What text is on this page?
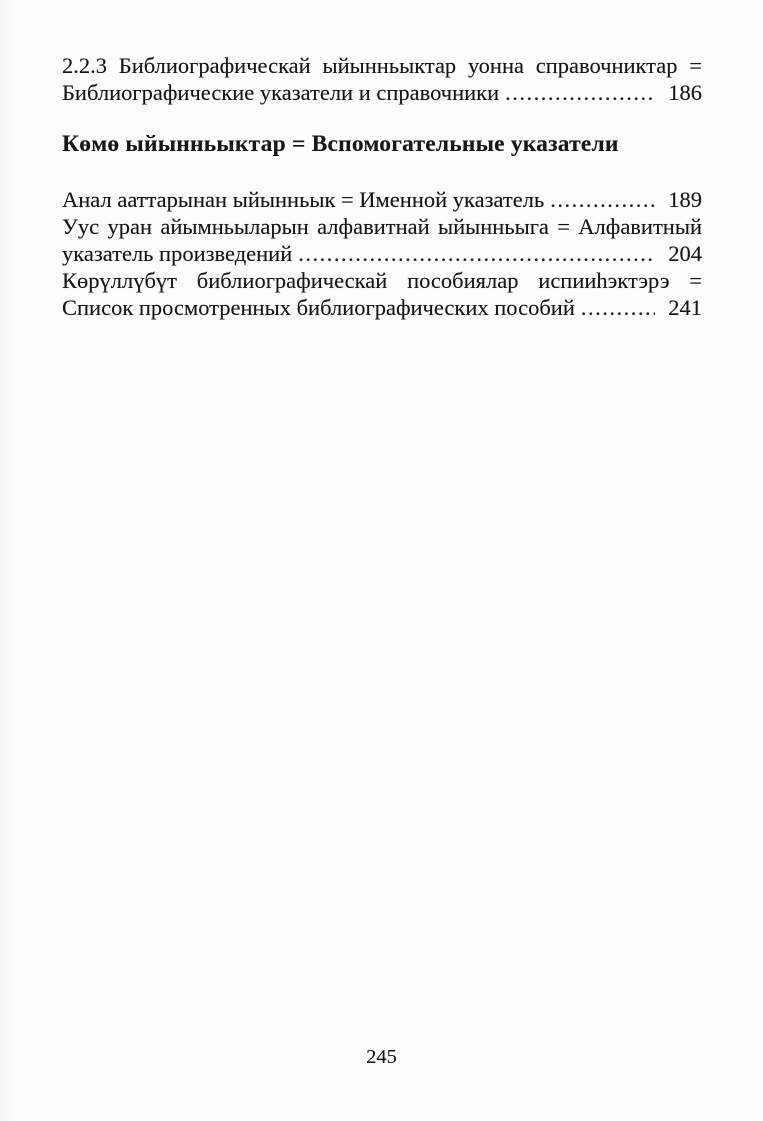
2.2.3 Библиографическай ыйынньыктар уонна справочниктар =
Библиографические указатели и справочники .....	186
Көмө ыйынньыктар = Вспомогательные указатели
Анал ааттарынан ыйынньык = Именной указатель .....	189
Уус уран айымньыларын алфавитнай ыйынньыга = Алфавитный
указатель произведений .....	204
Көрүллүбүт библиографическай пособиялар испииһэктэрэ =
Список просмотренных библиографических пособий .....	241
245
